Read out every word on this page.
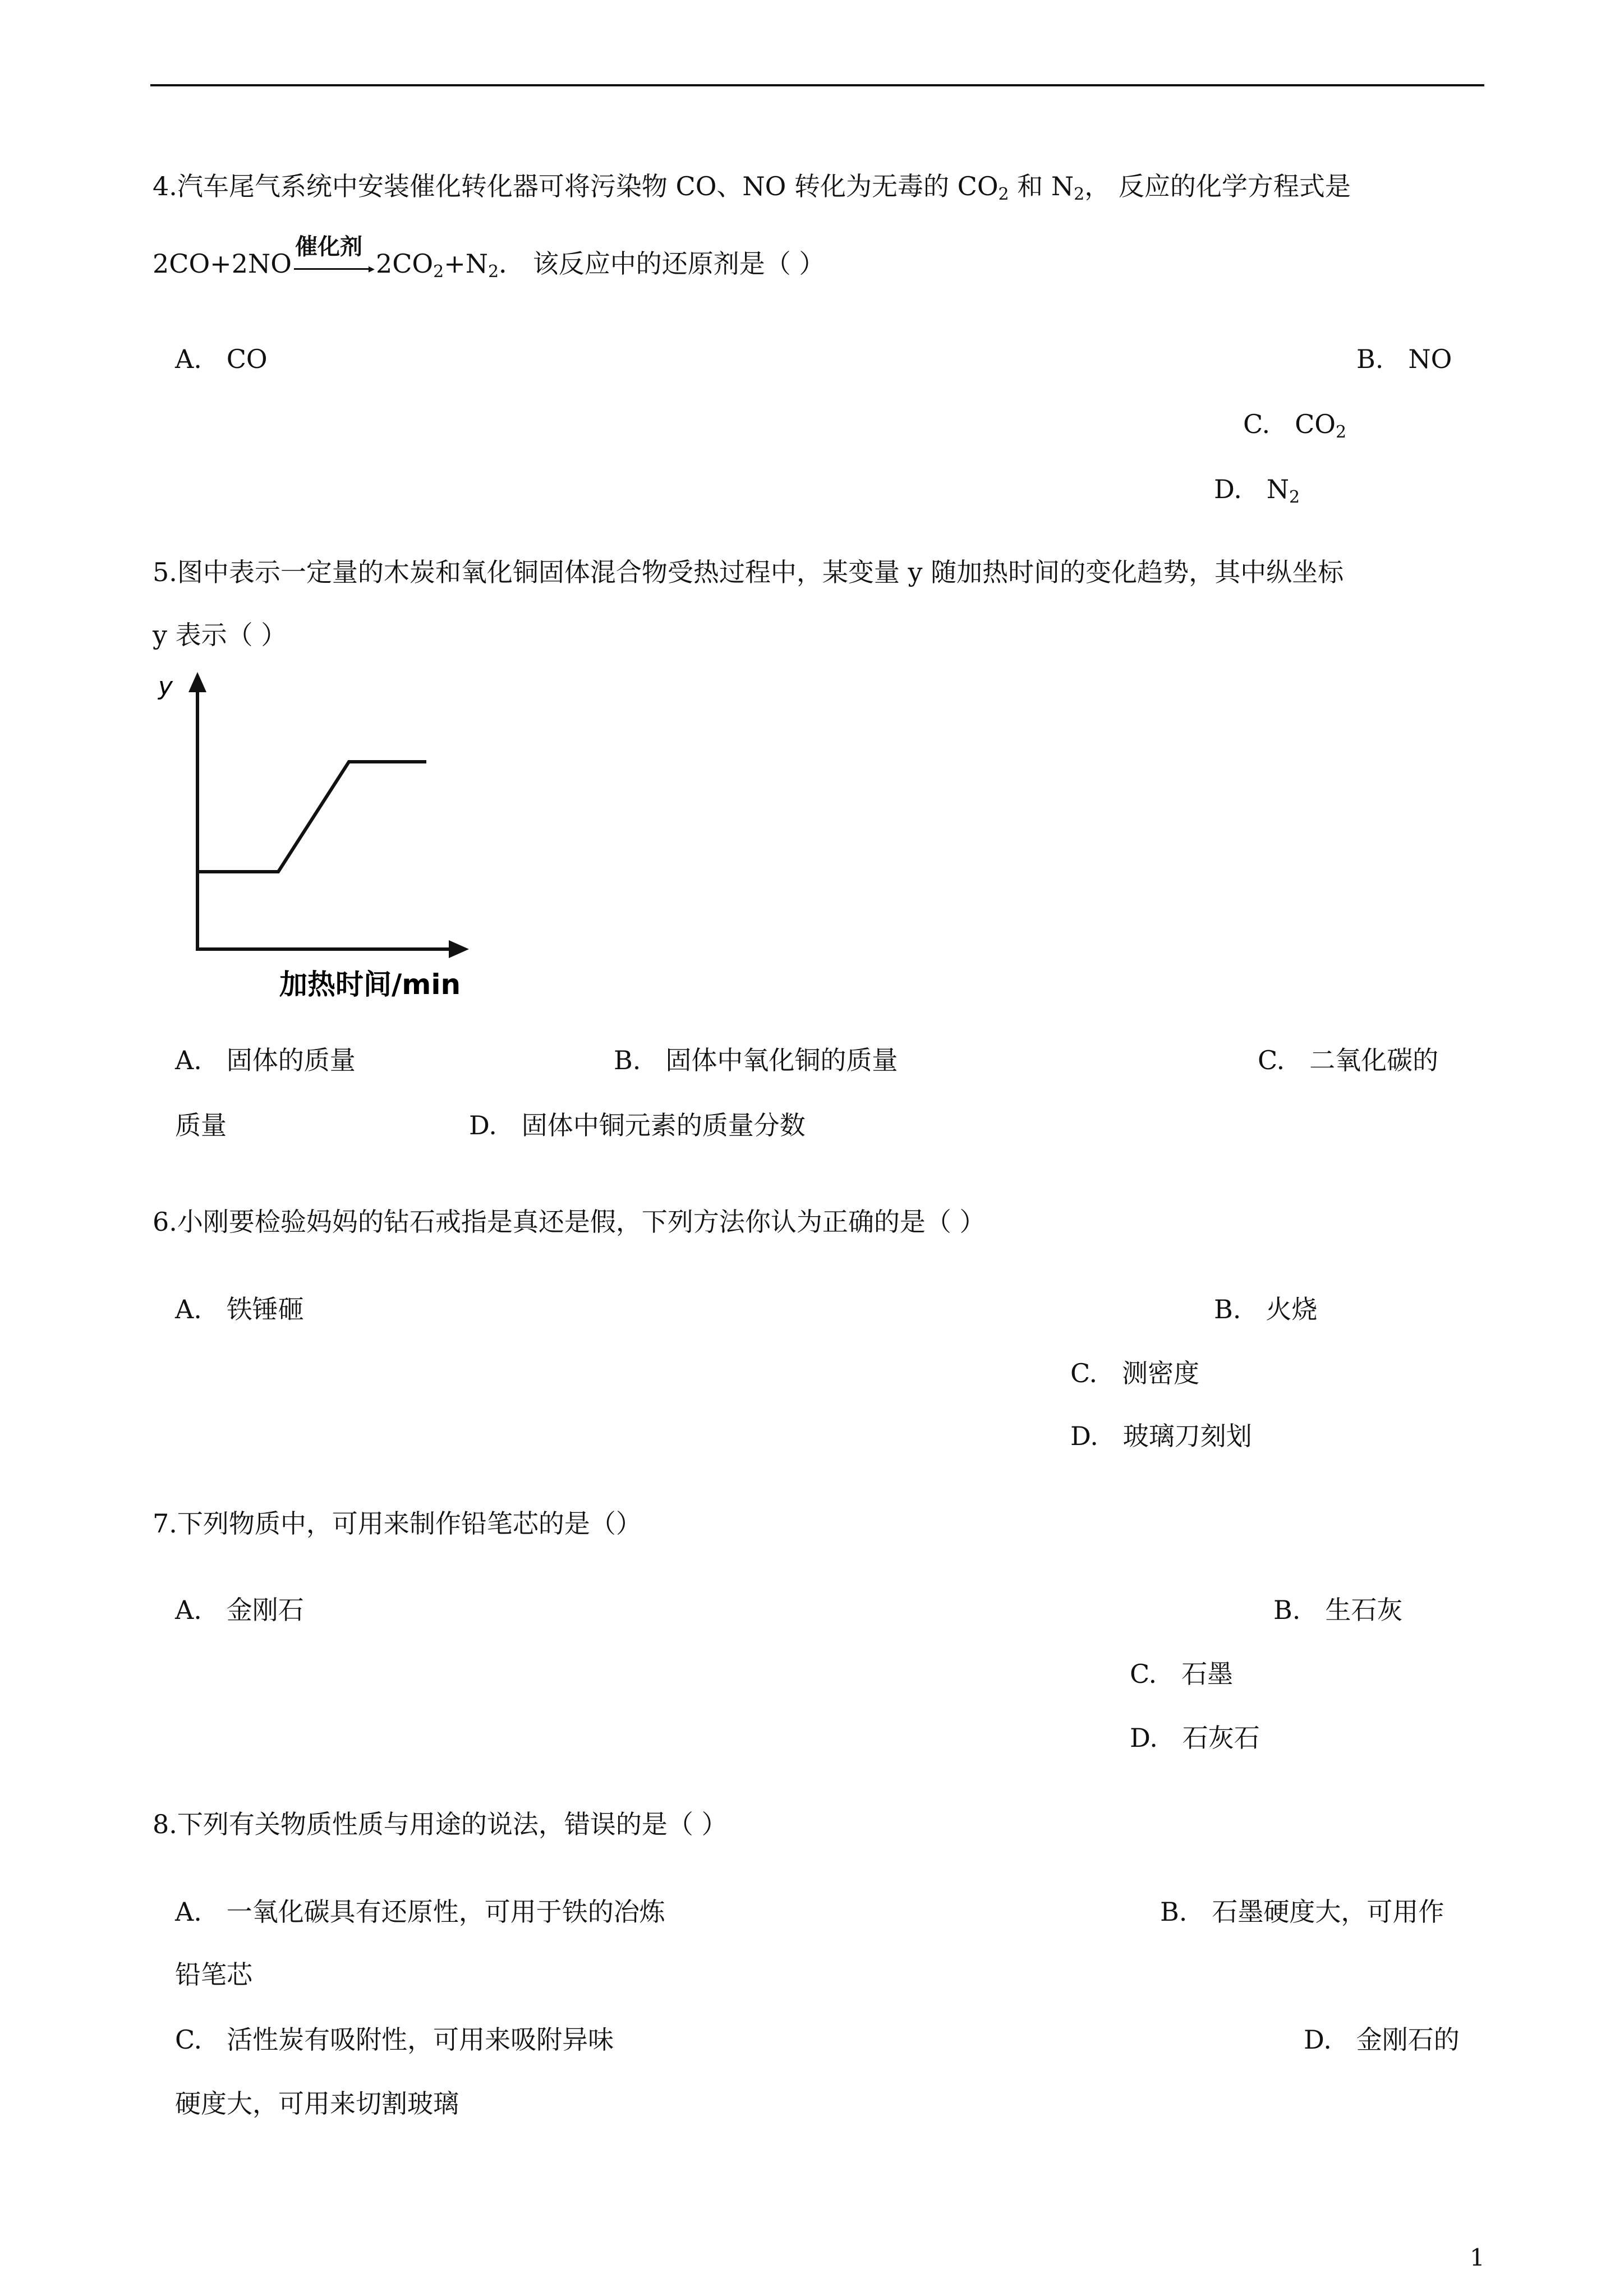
4.汽车尾气系统中安装催化转化器可将污染物 CO、NO 转化为无毒的 $CO_2$ 和 $N_2$， 反应的化学方程式是
2CO+2NO
催化剂
▸ $2CO_2+N_2$． 该反应中的还原剂是（ ）
A. CO	B. NO
C. $CO_2$
D. $N_2$
5.图中表示一定量的木炭和氧化铜固体混合物受热过程中，某变量 y 随加热时间的变化趋势，其中纵坐标
y 表示（ ）
y
加热时间/min
A. 固体的质量	B. 固体中氧化铜的质量	C. 二氧化碳的
质量	D. 固体中铜元素的质量分数
6.小刚要检验妈妈的钻石戒指是真还是假，下列方法你认为正确的是（ ）
A. 铁锤砸	B. 火烧
C. 测密度
D. 玻璃刀刻划
7.下列物质中，可用来制作铅笔芯的是（）
A. 金刚石	B. 生石灰
C. 石墨
D. 石灰石
8.下列有关物质性质与用途的说法，错误的是（ ）
A. 一氧化碳具有还原性，可用于铁的冶炼	B. 石墨硬度大，可用作
铅笔芯
C. 活性炭有吸附性，可用来吸附异味	D. 金刚石的
硬度大，可用来切割玻璃
1
